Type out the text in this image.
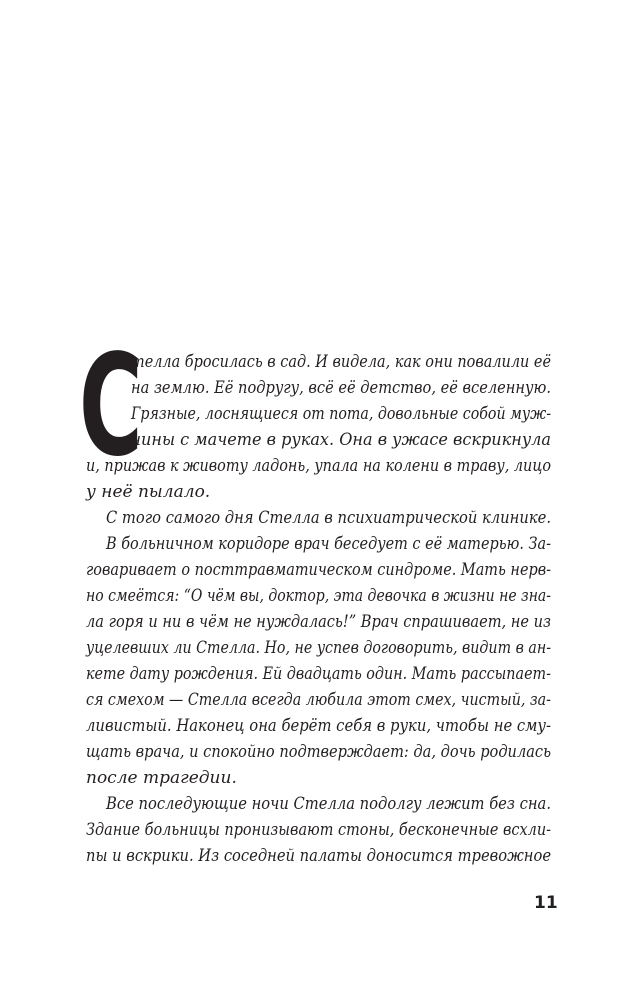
С
телла бросилась в сад. И видела, как они повалили её
на землю. Её подругу, всё её детство, её вселенную.
Грязные, лоснящиеся от пота, довольные собой муж-
чины с мачете в руках. Она в ужасе вскрикнула
и, прижав к животу ладонь, упала на колени в траву, лицо
у неё пылало.
С того самого дня Стелла в психиатрической клинике.
В больничном коридоре врач беседует с её матерью. За-
говаривает о посттравматическом синдроме. Мать нерв-
но смеётся: “О чём вы, доктор, эта девочка в жизни не зна-
ла горя и ни в чём не нуждалась!” Врач спрашивает, не из
уцелевших ли Стелла. Но, не успев договорить, видит в ан-
кете дату рождения. Ей двадцать один. Мать рассыпает-
ся смехом — Стелла всегда любила этот смех, чистый, за-
ливистый. Наконец она берёт себя в руки, чтобы не сму-
щать врача, и спокойно подтверждает: да, дочь родилась
после трагедии.
Все последующие ночи Стелла подолгу лежит без сна.
Здание больницы пронизывают стоны, бесконечные всхли-
пы и вскрики. Из соседней палаты доносится тревожное
11
